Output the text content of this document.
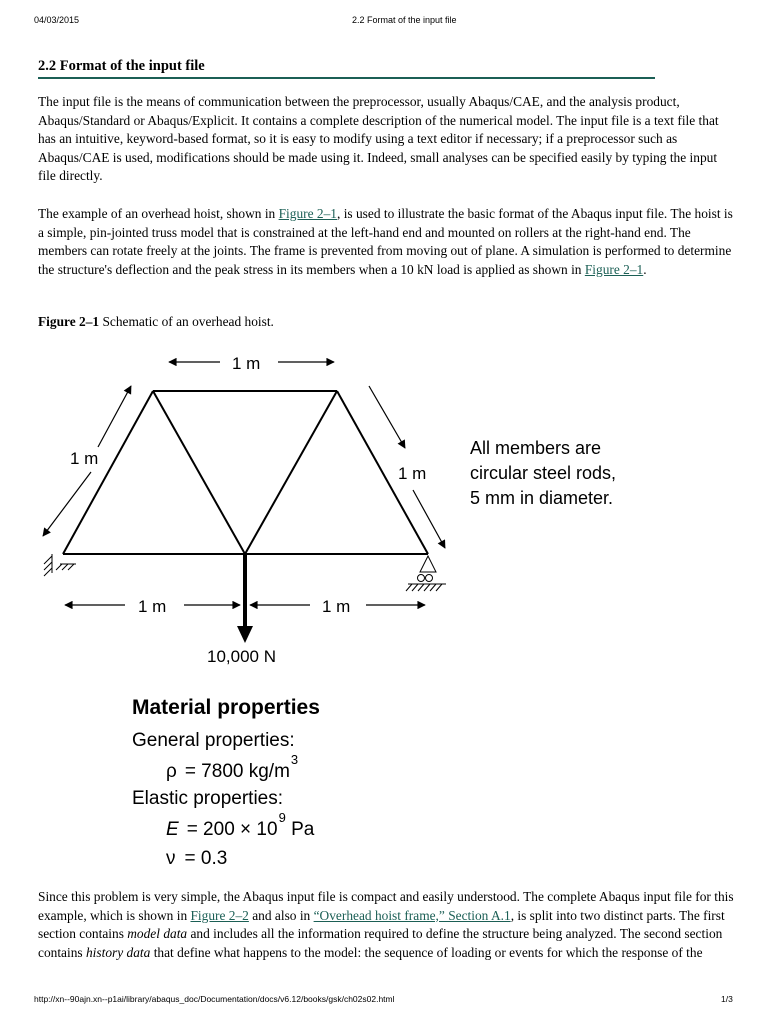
04/03/2015	2.2 Format of the input file
2.2 Format of the input file

The input file is the means of communication between the preprocessor, usually Abaqus/CAE, and the analysis product, Abaqus/Standard or Abaqus/Explicit. It contains a complete description of the numerical model. The input file is a text file that has an intuitive, keyword-based format, so it is easy to modify using a text editor if necessary; if a preprocessor such as Abaqus/CAE is used, modifications should be made using it. Indeed, small analyses can be specified easily by typing the input file directly.

The example of an overhead hoist, shown in Figure 2–1, is used to illustrate the basic format of the Abaqus input file. The hoist is a simple, pin-jointed truss model that is constrained at the left-hand end and mounted on rollers at the right-hand end. The members can rotate freely at the joints. The frame is prevented from moving out of plane. A simulation is performed to determine the structure's deflection and the peak stress in its members when a 10 kN load is applied as shown in Figure 2–1.

Figure 2–1 Schematic of an overhead hoist.

1 m
1 m
1 m
1 m	1 m
10,000 N
All members are
circular steel rods,
5 mm in diameter.
Material properties
General properties:
ρ = 7800 $kg/m^3$
Elastic properties:
$E = 200 \times 10^9$ Pa
ν = 0.3

Since this problem is very simple, the Abaqus input file is compact and easily understood. The complete Abaqus input file for this example, which is shown in Figure 2–2 and also in “Overhead hoist frame,” Section A.1, is split into two distinct parts. The first section contains model data and includes all the information required to define the structure being analyzed. The second section contains history data that define what happens to the model: the sequence of loading or events for which the response of the

http://xn--90ajn.xn--p1ai/library/abaqus_doc/Documentation/docs/v6.12/books/gsk/ch02s02.html	1/3
